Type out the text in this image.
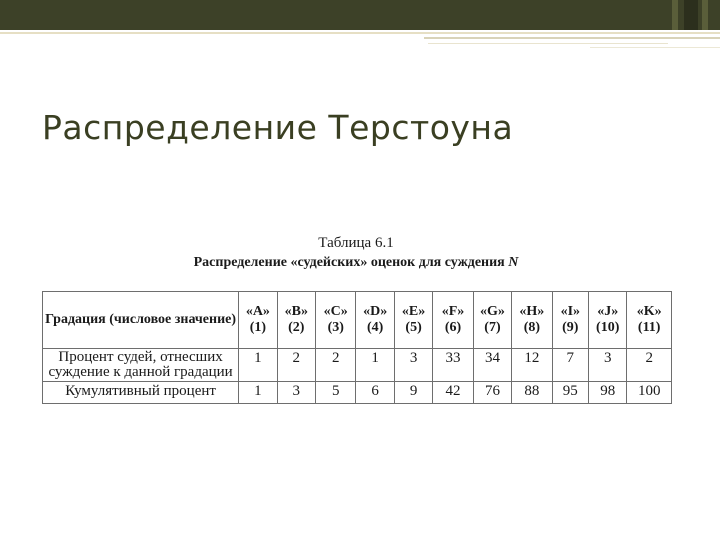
Распределение Терстоуна
Таблица 6.1
Распределение «судейских» оценок для суждения N
Градация (числовое значение)	«A» (1)	«B» (2)	«C» (3)	«D» (4)	«E» (5)	«F» (6)	«G» (7)	«H» (8)	«I» (9)	«J» (10)	«K» (11)
Процент судей, отнесших суждение к данной градации	1	2	2	1	3	33	34	12	7	3	2
Кумулятивный процент	1	3	5	6	9	42	76	88	95	98	100
